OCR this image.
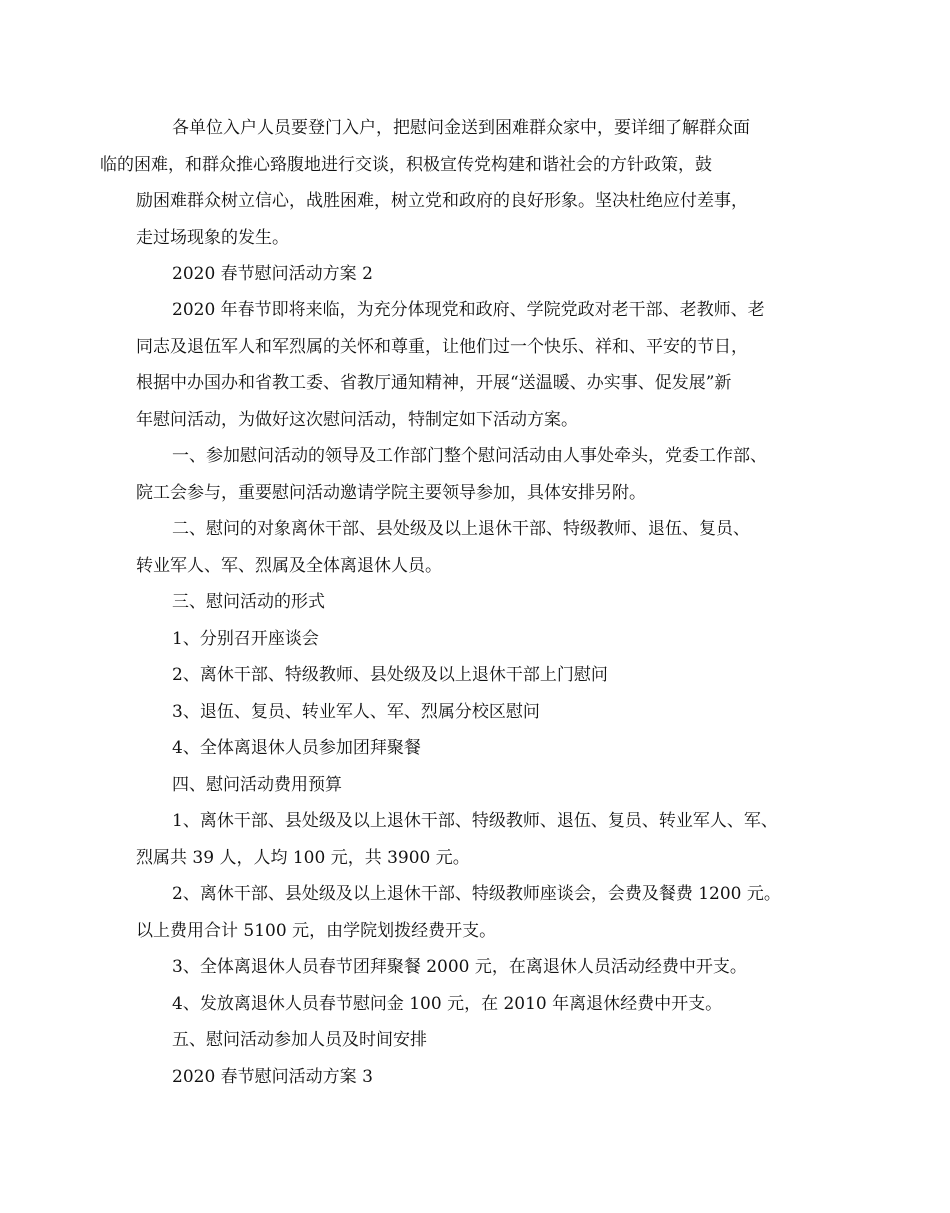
各单位入户人员要登门入户，把慰问金送到困难群众家中，要详细了解群众面
临的困难，和群众推心臵腹地进行交谈，积极宣传党构建和谐社会的方针政策，鼓
励困难群众树立信心，战胜困难，树立党和政府的良好形象。坚决杜绝应付差事，
走过场现象的发生。

2020 春节慰问活动方案 2

2020 年春节即将来临，为充分体现党和政府、学院党政对老干部、老教师、老
同志及退伍军人和军烈属的关怀和尊重，让他们过一个快乐、祥和、平安的节日，
根据中办国办和省教工委、省教厅通知精神，开展“送温暖、办实事、促发展”新
年慰问活动，为做好这次慰问活动，特制定如下活动方案。

一、参加慰问活动的领导及工作部门整个慰问活动由人事处牵头，党委工作部、
院工会参与，重要慰问活动邀请学院主要领导参加，具体安排另附。

二、慰问的对象离休干部、县处级及以上退休干部、特级教师、退伍、复员、
转业军人、军、烈属及全体离退休人员。

三、慰问活动的形式

1、分别召开座谈会

2、离休干部、特级教师、县处级及以上退休干部上门慰问

3、退伍、复员、转业军人、军、烈属分校区慰问

4、全体离退休人员参加团拜聚餐

四、慰问活动费用预算

1、离休干部、县处级及以上退休干部、特级教师、退伍、复员、转业军人、军、
烈属共 39 人，人均 100 元，共 3900 元。

2、离休干部、县处级及以上退休干部、特级教师座谈会，会费及餐费 1200 元。
以上费用合计 5100 元，由学院划拨经费开支。

3、全体离退休人员春节团拜聚餐 2000 元，在离退休人员活动经费中开支。

4、发放离退休人员春节慰问金 100 元，在 2010 年离退休经费中开支。

五、慰问活动参加人员及时间安排

2020 春节慰问活动方案 3
